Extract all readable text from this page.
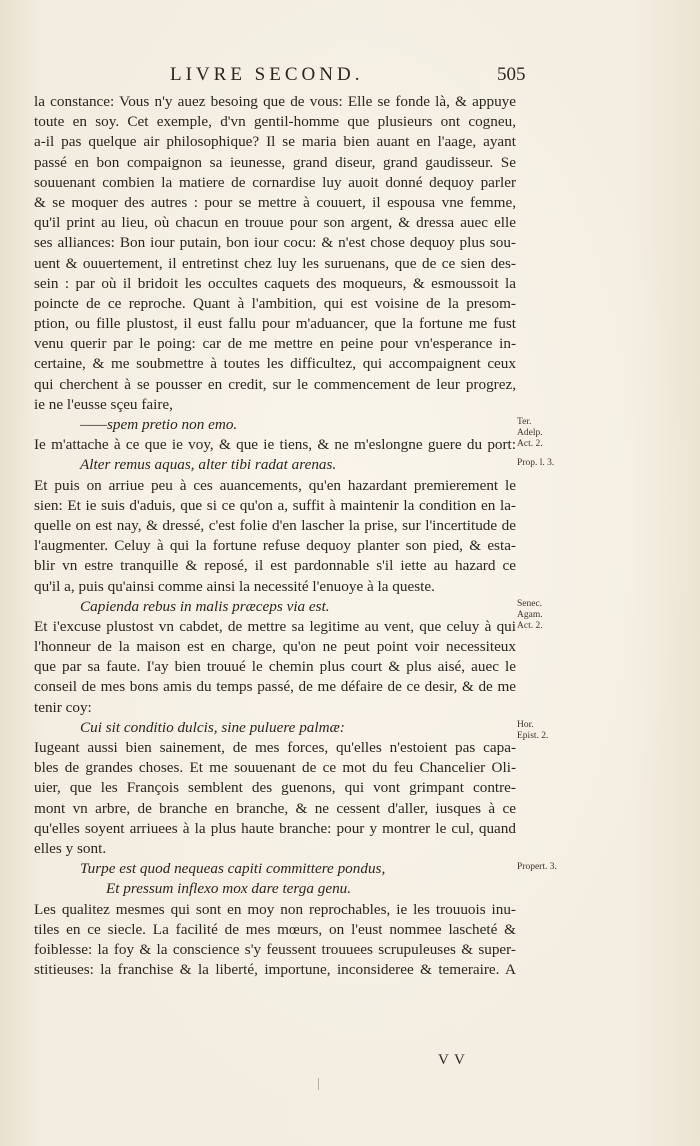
LIVRE SECOND.	505
la constance: Vous n'y auez besoing que de vous: Elle se fonde là, & appuye
toute en soy. Cet exemple, d'vn gentil-homme que plusieurs ont cogneu,
a-il pas quelque air philosophique? Il se maria bien auant en l'aage, ayant
passé en bon compaignon sa ieunesse, grand diseur, grand gaudisseur. Se
souuenant combien la matiere de cornardise luy auoit donné dequoy parler
& se moquer des autres : pour se mettre à couuert, il espousa vne femme,
qu'il print au lieu, où chacun en trouue pour son argent, & dressa auec elle
ses alliances: Bon iour putain, bon iour cocu: & n'est chose dequoy plus sou-
uent & ouuertement, il entretinst chez luy les suruenans, que de ce sien des-
sein : par où il bridoit les occultes caquets des moqueurs, & esmoussoit la
poincte de ce reproche. Quant à l'ambition, qui est voisine de la presom-
ption, ou fille plustost, il eust fallu pour m'aduancer, que la fortune me fust
venu querir par le poing: car de me mettre en peine pour vn'esperance in-
certaine, & me soubmettre à toutes les difficultez, qui accompaignent ceux
qui cherchent à se pousser en credit, sur le commencement de leur progrez,
ie ne l'eusse sçeu faire,
——spem pretio non emo.
Ie m'attache à ce que ie voy, & que ie tiens, & ne m'eslongne guere du port:
Alter remus aquas, alter tibi radat arenas.
Et puis on arriue peu à ces auancements, qu'en hazardant premierement le
sien: Et ie suis d'aduis, que si ce qu'on a, suffit à maintenir la condition en la-
quelle on est nay, & dressé, c'est folie d'en lascher la prise, sur l'incertitude de
l'augmenter. Celuy à qui la fortune refuse dequoy planter son pied, & esta-
blir vn estre tranquille & reposé, il est pardonnable s'il iette au hazard ce
qu'il a, puis qu'ainsi comme ainsi la necessité l'enuoye à la queste.
Capienda rebus in malis præceps via est.
Et i'excuse plustost vn cabdet, de mettre sa legitime au vent, que celuy à qui
l'honneur de la maison est en charge, qu'on ne peut point voir necessiteux
que par sa faute. I'ay bien trouué le chemin plus court & plus aisé, auec le
conseil de mes bons amis du temps passé, de me défaire de ce desir, & de me
tenir coy:
Cui sit conditio dulcis, sine puluere palmæ:
Iugeant aussi bien sainement, de mes forces, qu'elles n'estoient pas capa-
bles de grandes choses. Et me souuenant de ce mot du feu Chancelier Oli-
uier, que les François semblent des guenons, qui vont grimpant contre-
mont vn arbre, de branche en branche, & ne cessent d'aller, iusques à ce
qu'elles soyent arriuees à la plus haute branche: pour y montrer le cul, quand
elles y sont.
Turpe est quod nequeas capiti committere pondus,
Et pressum inflexo mox dare terga genu.
Les qualitez mesmes qui sont en moy non reprochables, ie les trouuois inu-
tiles en ce siecle. La facilité de mes mœurs, on l'eust nommee lascheté &
foiblesse: la foy & la conscience s'y feussent trouuees scrupuleuses & super-
stitieuses: la franchise & la liberté, importune, inconsideree & temeraire. A
Ter.
Adelp.
Act. 2.
Prop. l. 3.
Senec.
Agam.
Act. 2.
Hor.
Epist. 2.
Propert. 3.
V V
